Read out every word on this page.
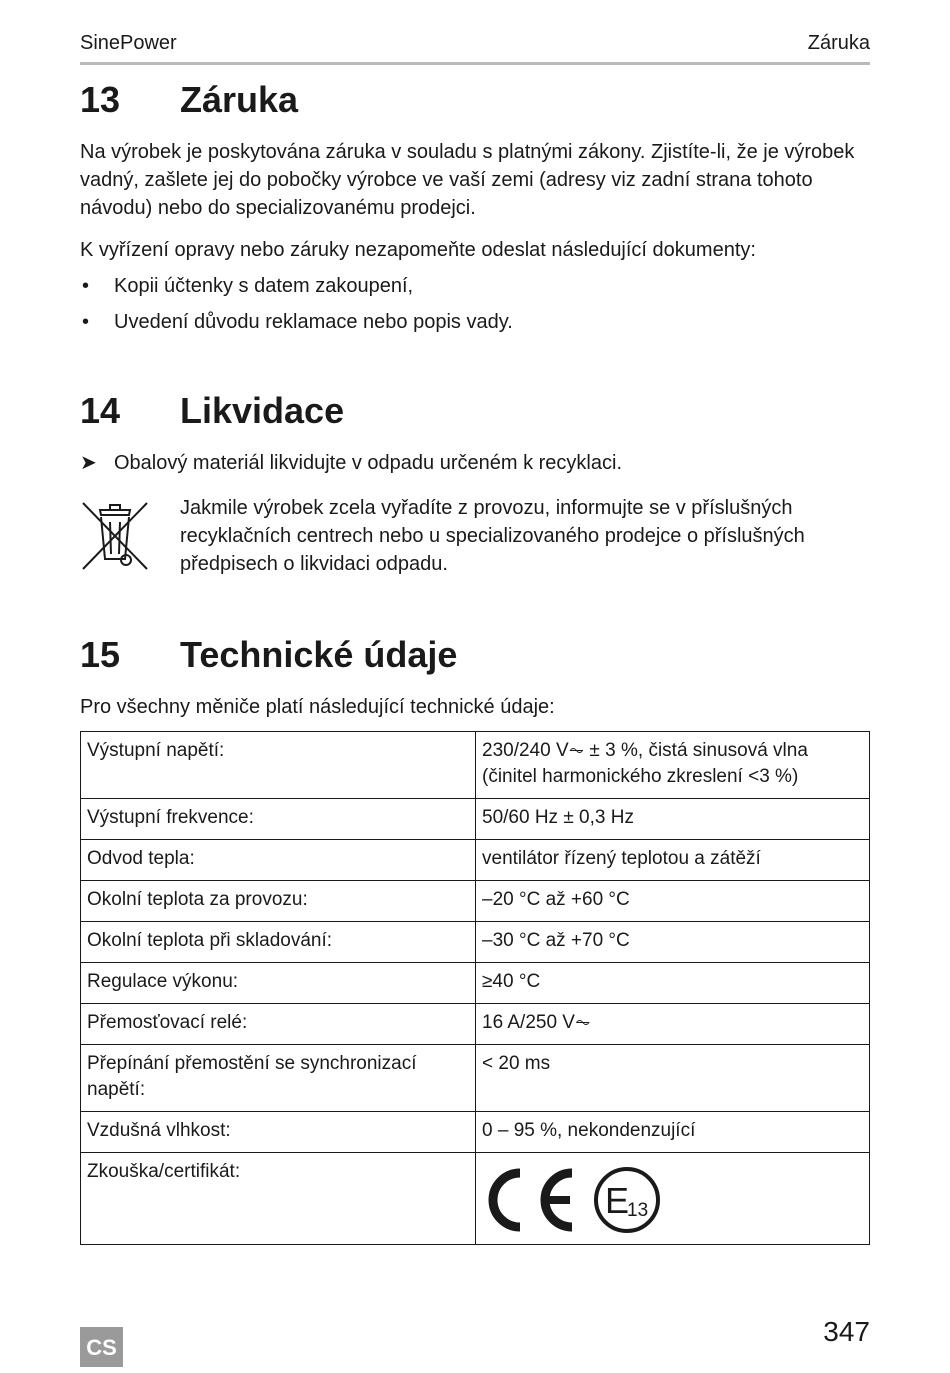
SinePower	Záruka
13 Záruka

Na výrobek je poskytována záruka v souladu s platnými zákony. Zjistíte-li, že je výrobek vadný, zašlete jej do pobočky výrobce ve vaší zemi (adresy viz zadní strana tohoto návodu) nebo do specializovanému prodejci.

K vyřízení opravy nebo záruky nezapomeňte odeslat následující dokumenty:

• Kopii účtenky s datem zakoupení,
• Uvedení důvodu reklamace nebo popis vady.
14 Likvidace

➤ Obalový materiál likvidujte v odpadu určeném k recyklaci.

Jakmile výrobek zcela vyřadíte z provozu, informujte se v příslušných recyklačních centrech nebo u specializovaného prodejce o příslušných předpisech o likvidaci odpadu.

15 Technické údaje

Pro všechny měniče platí následující technické údaje:

Výstupní napětí:	230/240 V⏦ ± 3 %, čistá sinusová vlna (činitel harmonického zkreslení <3 %)
Výstupní frekvence:	50/60 Hz ± 0,3 Hz
Odvod tepla:	ventilátor řízený teplotou a zátěží
Okolní teplota za provozu:	–20 °C až +60 °C
Okolní teplota při skladování:	–30 °C až +70 °C
Regulace výkonu:	≥40 °C
Přemosťovací relé:	16 A/250 V⏦
Přepínání přemostění se synchronizací napětí:	< 20 ms
Vzdušná vlhkost:	0 – 95 %, nekondenzující
Zkouška/certifikát:	E
13
CS
347
